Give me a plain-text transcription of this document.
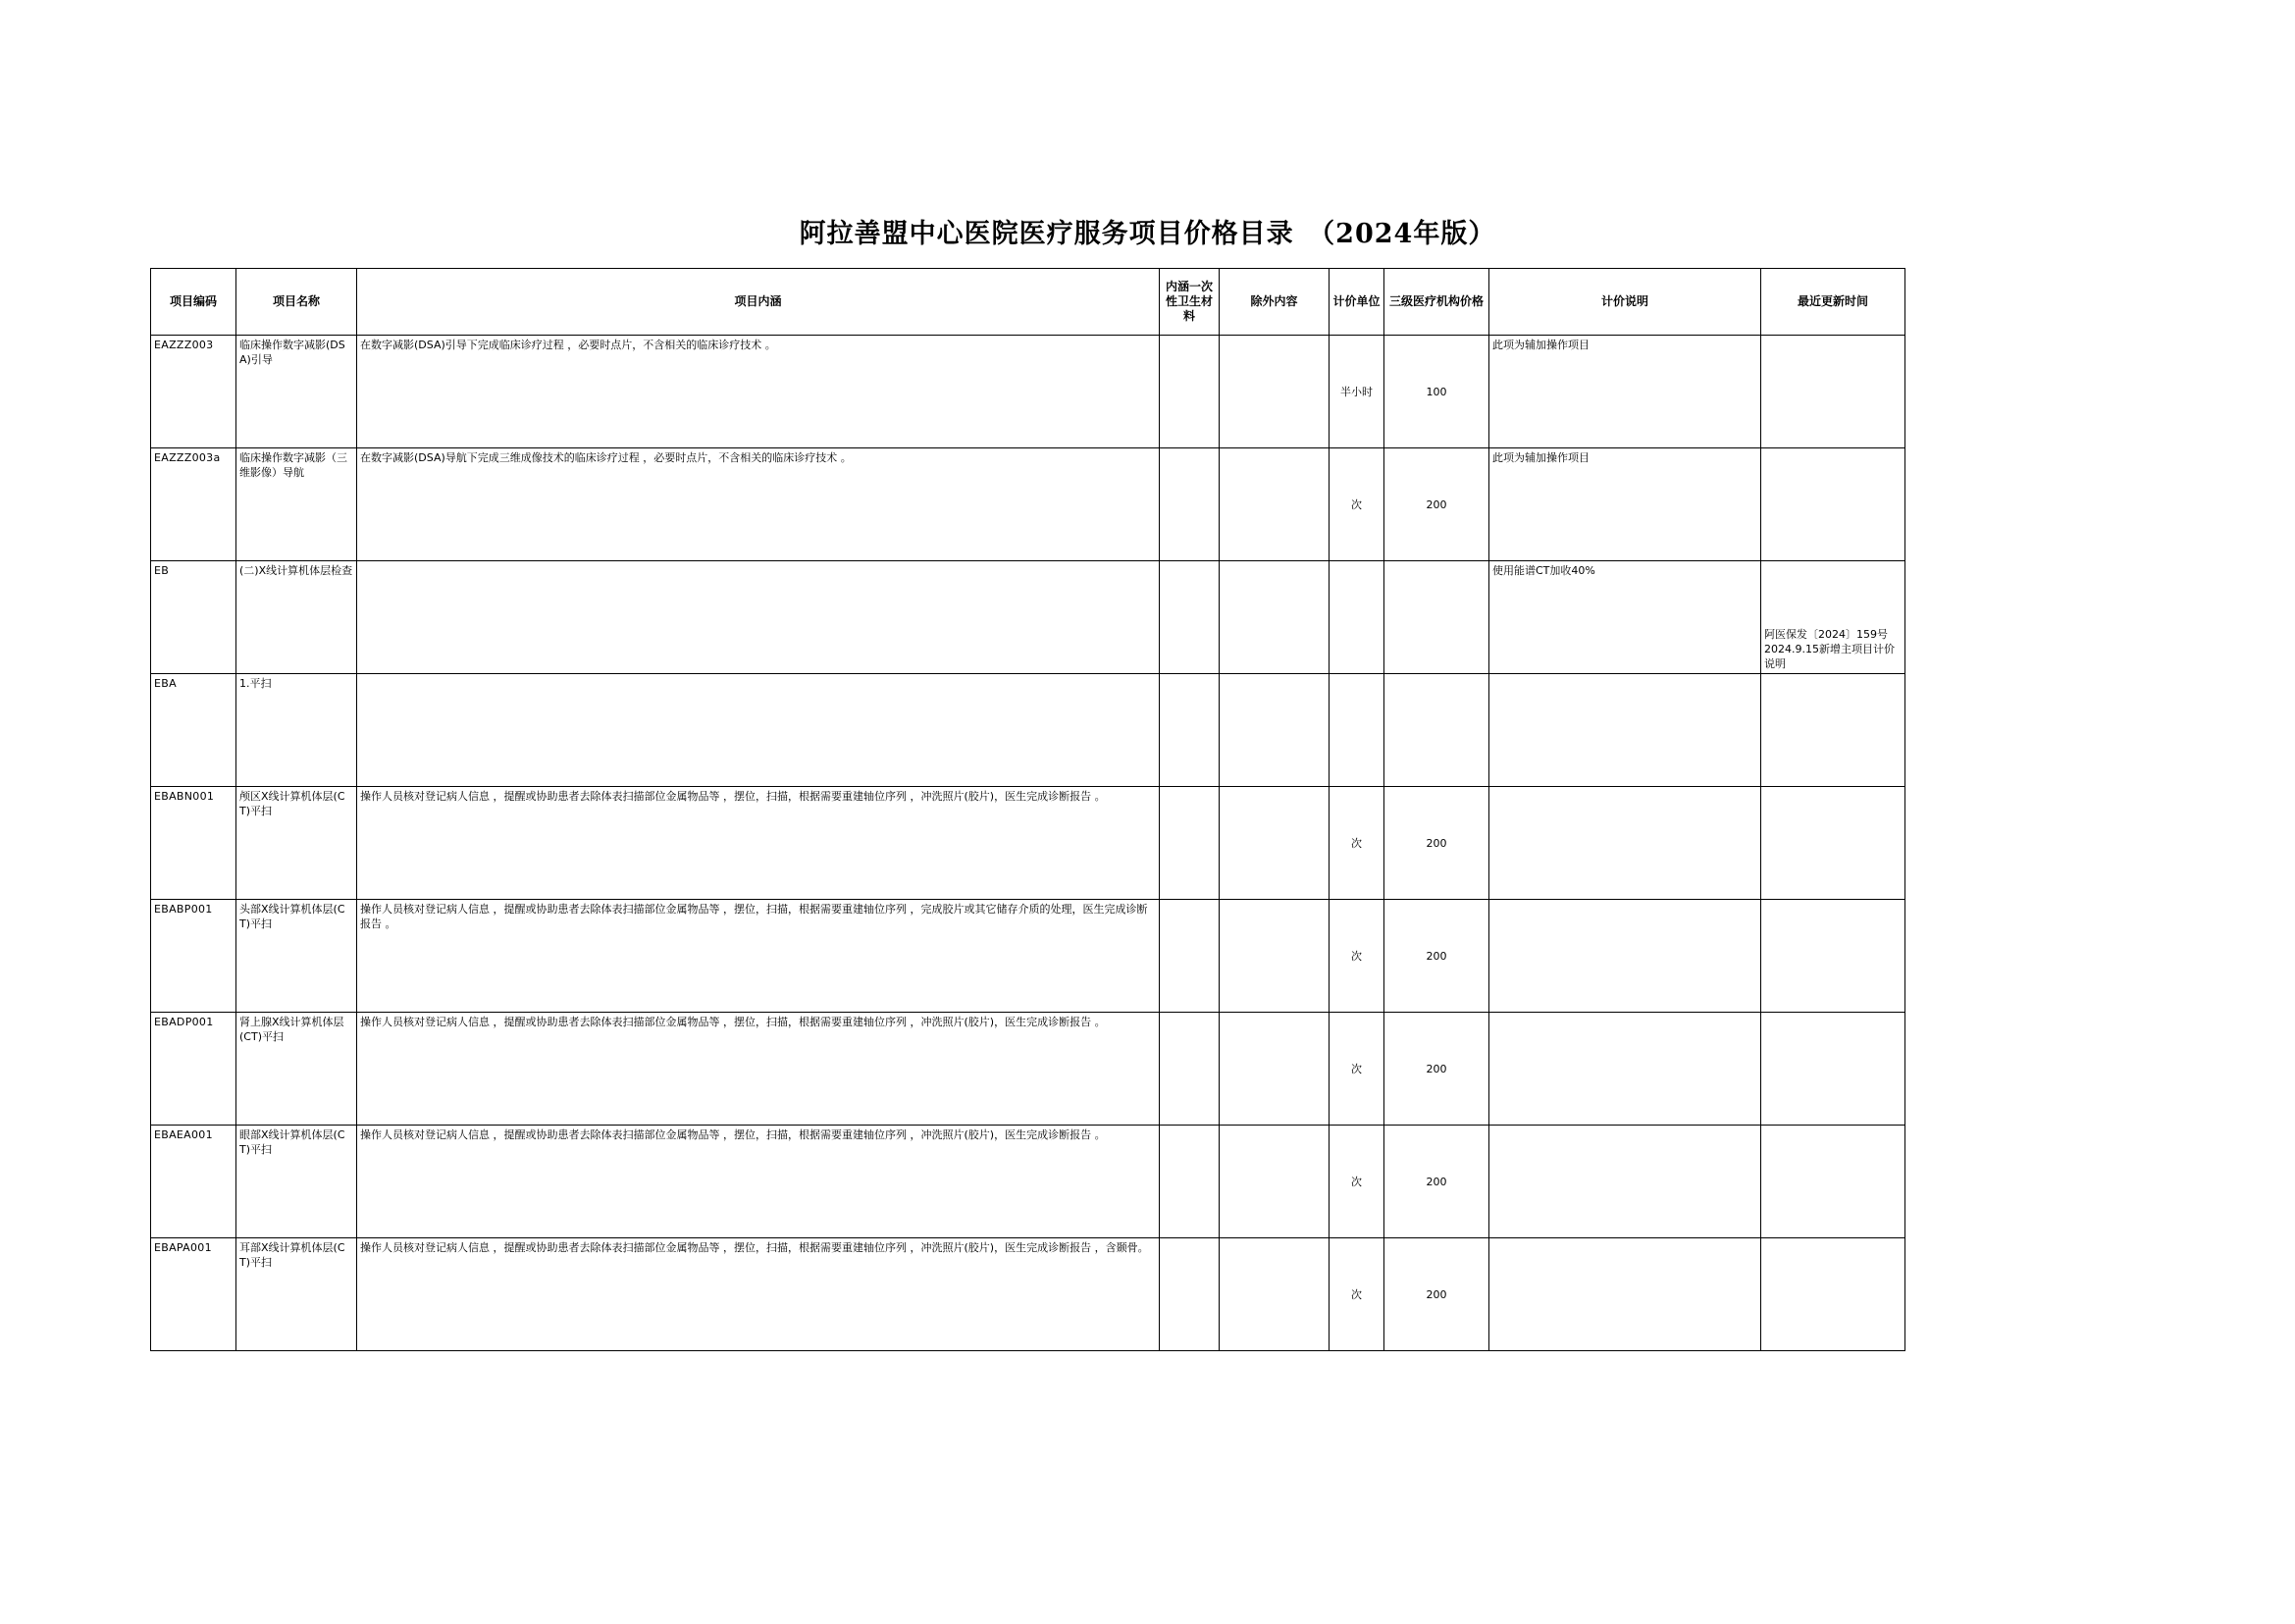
阿拉善盟中心医院医疗服务项目价格目录　（2024年版）
项目编码	项目名称	项目内涵	内涵一次性卫生材料	除外内容	计价单位	三级医疗机构价格	计价说明	最近更新时间
EAZZZ003	临床操作数字减影(DSA)引导	在数字减影(DSA)引导下完成临床诊疗过程 ，必要时点片，不含相关的临床诊疗技术 。			半小时	100	此项为辅加操作项目	
EAZZZ003a	临床操作数字减影（三维影像）导航	在数字减影(DSA)导航下完成三维成像技术的临床诊疗过程 ，必要时点片，不含相关的临床诊疗技术 。			次	200	此项为辅加操作项目	
EB	(二)X线计算机体层检查						使用能谱CT加收40%	阿医保发〔2024〕159号　2024.9.15新增主项目计价说明
EBA	1.平扫							
EBABN001	颅区X线计算机体层(CT)平扫	操作人员核对登记病人信息 ，提醒或协助患者去除体表扫描部位金属物品等 ，摆位，扫描，根据需要重建轴位序列 ，冲洗照片(胶片)，医生完成诊断报告 。			次	200		
EBABP001	头部X线计算机体层(CT)平扫	操作人员核对登记病人信息 ，提醒或协助患者去除体表扫描部位金属物品等 ，摆位，扫描，根据需要重建轴位序列 ，完成胶片或其它储存介质的处理，医生完成诊断报告 。			次	200		
EBADP001	肾上腺X线计算机体层(CT)平扫	操作人员核对登记病人信息 ，提醒或协助患者去除体表扫描部位金属物品等 ，摆位，扫描，根据需要重建轴位序列 ，冲洗照片(胶片)，医生完成诊断报告 。			次	200		
EBAEA001	眼部X线计算机体层(CT)平扫	操作人员核对登记病人信息 ，提醒或协助患者去除体表扫描部位金属物品等 ，摆位，扫描，根据需要重建轴位序列 ，冲洗照片(胶片)，医生完成诊断报告 。			次	200		
EBAPA001	耳部X线计算机体层(CT)平扫	操作人员核对登记病人信息 ，提醒或协助患者去除体表扫描部位金属物品等 ，摆位，扫描，根据需要重建轴位序列 ，冲洗照片(胶片)，医生完成诊断报告 ，含颞骨。			次	200		
